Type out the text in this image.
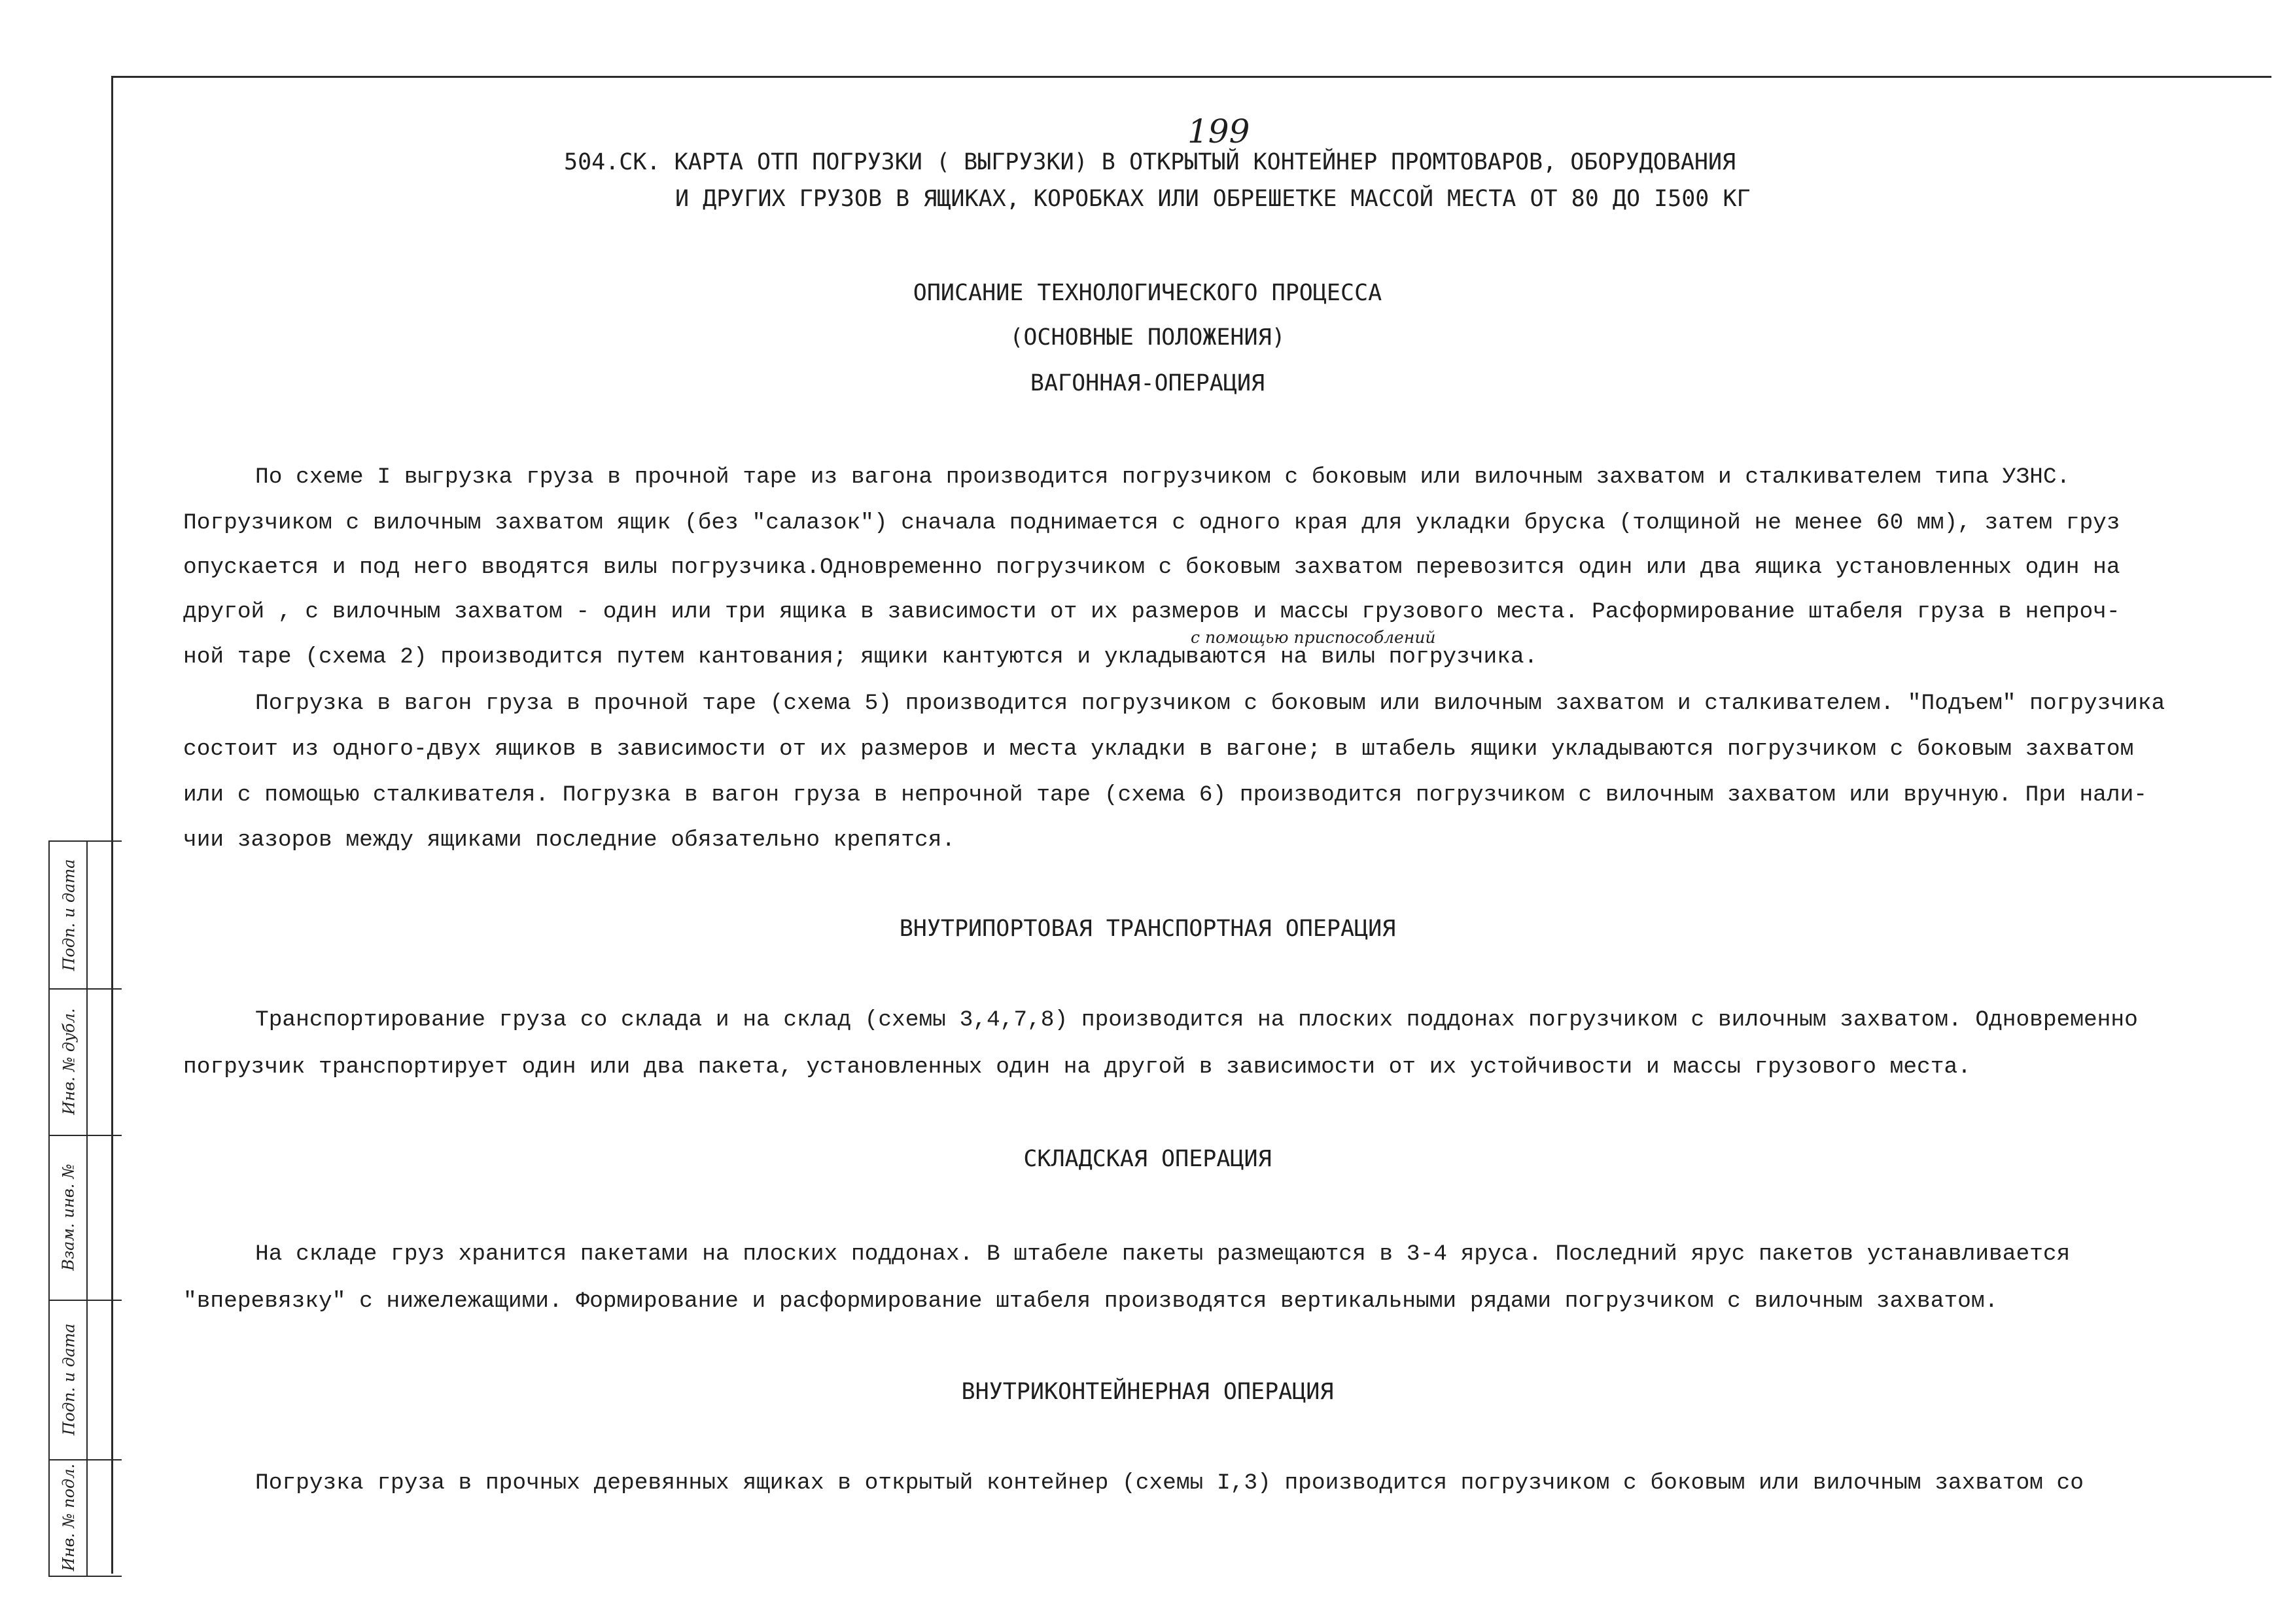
199
504.СК. КАРТА ОТП ПОГРУЗКИ ( ВЫГРУЗКИ) В ОТКРЫТЫЙ КОНТЕЙНЕР ПРОМТОВАРОВ, ОБОРУДОВАНИЯ
И ДРУГИХ ГРУЗОВ В ЯЩИКАХ, КОРОБКАХ ИЛИ ОБРЕШЕТКЕ МАССОЙ МЕСТА ОТ 80 ДО I500 КГ
ОПИСАНИЕ ТЕХНОЛОГИЧЕСКОГО ПРОЦЕССА
(ОСНОВНЫЕ ПОЛОЖЕНИЯ)
ВАГОННАЯ-ОПЕРАЦИЯ
По схеме I выгрузка груза в прочной таре из вагона производится погрузчиком с боковым или вилочным захватом и сталкивателем типа УЗНС.
Погрузчиком с вилочным захватом ящик (без "салазок") сначала поднимается с одного края для укладки бруска (толщиной не менее 60 мм), затем груз
опускается и под него вводятся вилы погрузчика.Одновременно погрузчиком с боковым захватом перевозится один или два ящика установленных один на
другой , с вилочным захватом - один или три ящика в зависимости от их размеров и массы грузового места. Расформирование штабеля груза в непроч-
с помощью приспособлений
ной таре (схема 2) производится путем кантования; ящики кантуются и укладываются на вилы погрузчика.
Погрузка в вагон груза в прочной таре (схема 5) производится погрузчиком с боковым или вилочным захватом и сталкивателем. "Подъем" погрузчика
состоит из одного-двух ящиков в зависимости от их размеров и места укладки в вагоне; в штабель ящики укладываются погрузчиком с боковым захватом
или с помощью сталкивателя. Погрузка в вагон груза в непрочной таре (схема 6) производится погрузчиком с вилочным захватом или вручную. При нали-
чии зазоров между ящиками последние обязательно крепятся.
ВНУТРИПОРТОВАЯ ТРАНСПОРТНАЯ ОПЕРАЦИЯ
Транспортирование груза со склада и на склад (схемы 3,4,7,8) производится на плоских поддонах погрузчиком с вилочным захватом. Одновременно
погрузчик транспортирует один или два пакета, установленных один на другой в зависимости от их устойчивости и массы грузового места.
СКЛАДСКАЯ ОПЕРАЦИЯ
На складе груз хранится пакетами на плоских поддонах. В штабеле пакеты размещаются в 3-4 яруса. Последний ярус пакетов устанавливается
"вперевязку" с нижележащими. Формирование и расформирование штабеля производятся вертикальными рядами погрузчиком с вилочным захватом.
ВНУТРИКОНТЕЙНЕРНАЯ ОПЕРАЦИЯ
Погрузка груза в прочных деревянных ящиках в открытый контейнер (схемы I,3) производится погрузчиком с боковым или вилочным захватом со
Подп. и дата
Инв. № дубл.
Взам. инв. №
Подп. и дата
Инв. № подл.
